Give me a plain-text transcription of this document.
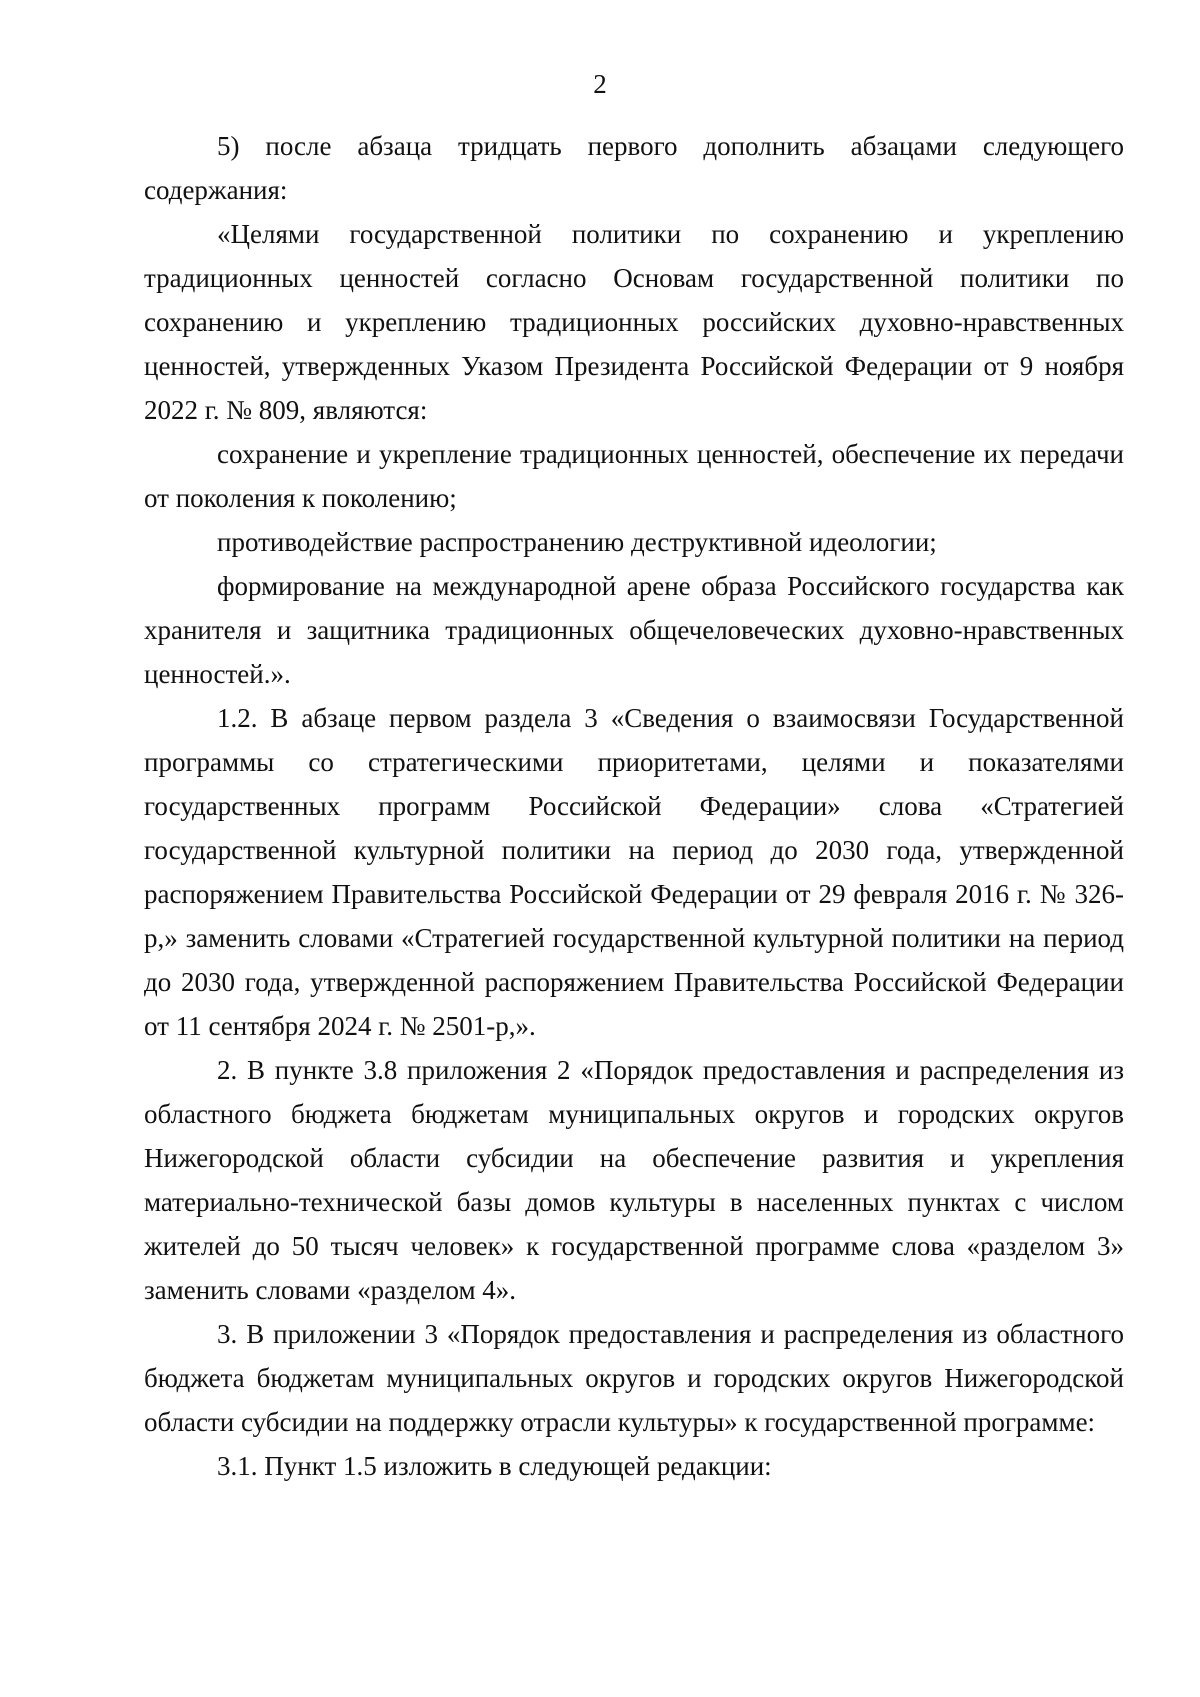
2

5) после абзаца тридцать первого дополнить абзацами следующего содержания:

«Целями государственной политики по сохранению и укреплению традиционных ценностей согласно Основам государственной политики по сохранению и укреплению традиционных российских духовно-нравственных ценностей, утвержденных Указом Президента Российской Федерации от 9 ноября 2022 г. № 809, являются:

сохранение и укрепление традиционных ценностей, обеспечение их передачи от поколения к поколению;

противодействие распространению деструктивной идеологии;

формирование на международной арене образа Российского государства как хранителя и защитника традиционных общечеловеческих духовно-нравственных ценностей.».

1.2. В абзаце первом раздела 3 «Сведения о взаимосвязи Государственной программы со стратегическими приоритетами, целями и показателями государственных программ Российской Федерации» слова «Стратегией государственной культурной политики на период до 2030 года, утвержденной распоряжением Правительства Российской Федерации от 29 февраля 2016 г. № 326-р,» заменить словами «Стратегией государственной культурной политики на период до 2030 года, утвержденной распоряжением Правительства Российской Федерации от 11 сентября 2024 г. № 2501-р,».

2. В пункте 3.8 приложения 2 «Порядок предоставления и распределения из областного бюджета бюджетам муниципальных округов и городских округов Нижегородской области субсидии на обеспечение развития и укрепления материально-технической базы домов культуры в населенных пунктах с числом жителей до 50 тысяч человек» к государственной программе слова «разделом 3» заменить словами «разделом 4».

3. В приложении 3 «Порядок предоставления и распределения из областного бюджета бюджетам муниципальных округов и городских округов Нижегородской области субсидии на поддержку отрасли культуры» к государственной программе:

3.1. Пункт 1.5 изложить в следующей редакции:
